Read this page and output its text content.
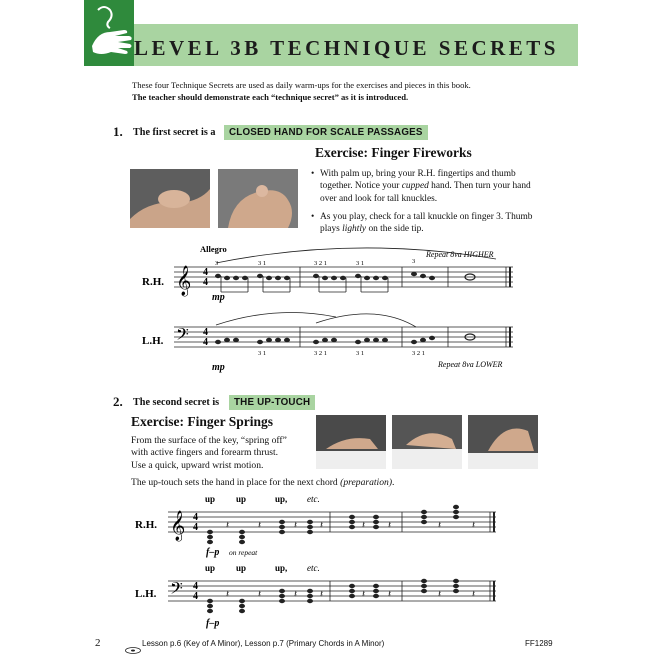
LEVEL 3B TECHNIQUE SECRETS
These four Technique Secrets are used as daily warm-ups for the exercises and pieces in this book.
The teacher should demonstrate each “technique secret” as it is introduced.
1. The first secret is a	CLOSED HAND FOR SCALE PASSAGES
Exercise: Finger Fireworks
• With palm up, bring your R.H. fingertips and thumb together. Notice your cupped hand. Then turn your hand over and look for tall knuckles.
• As you play, check for a tall knuckle on finger 3. Thumb plays lightly on the side tip.
Allegro
Repeat 8va HIGHER
R.H. 𝄞 4
4
mp
3	3 1	3 2 1	3 1	3
L.H. 𝄢 4
4
mp
3 1	3 2 1	3 1	3 2 1
Repeat 8va LOWER
2. The second secret is	THE UP-TOUCH
Exercise: Finger Springs
From the surface of the key, “spring off”
with active fingers and forearm thrust.
Use a quick, upward wrist motion.
The up-touch sets the hand in place for the next chord (preparation).
up up	up, etc.
R.H. 𝄞 4
4	𝄽	𝄽	𝄽 𝄽	𝄽 𝄽	𝄽	𝄽
f–p on repeat
up up	up, etc.
L.H. 𝄢 4
4	𝄽	𝄽	𝄽 𝄽	𝄽 𝄽	𝄽	𝄽
f–p
2	Lesson p.6 (Key of A Minor), Lesson p.7 (Primary Chords in A Minor)	FF1289
